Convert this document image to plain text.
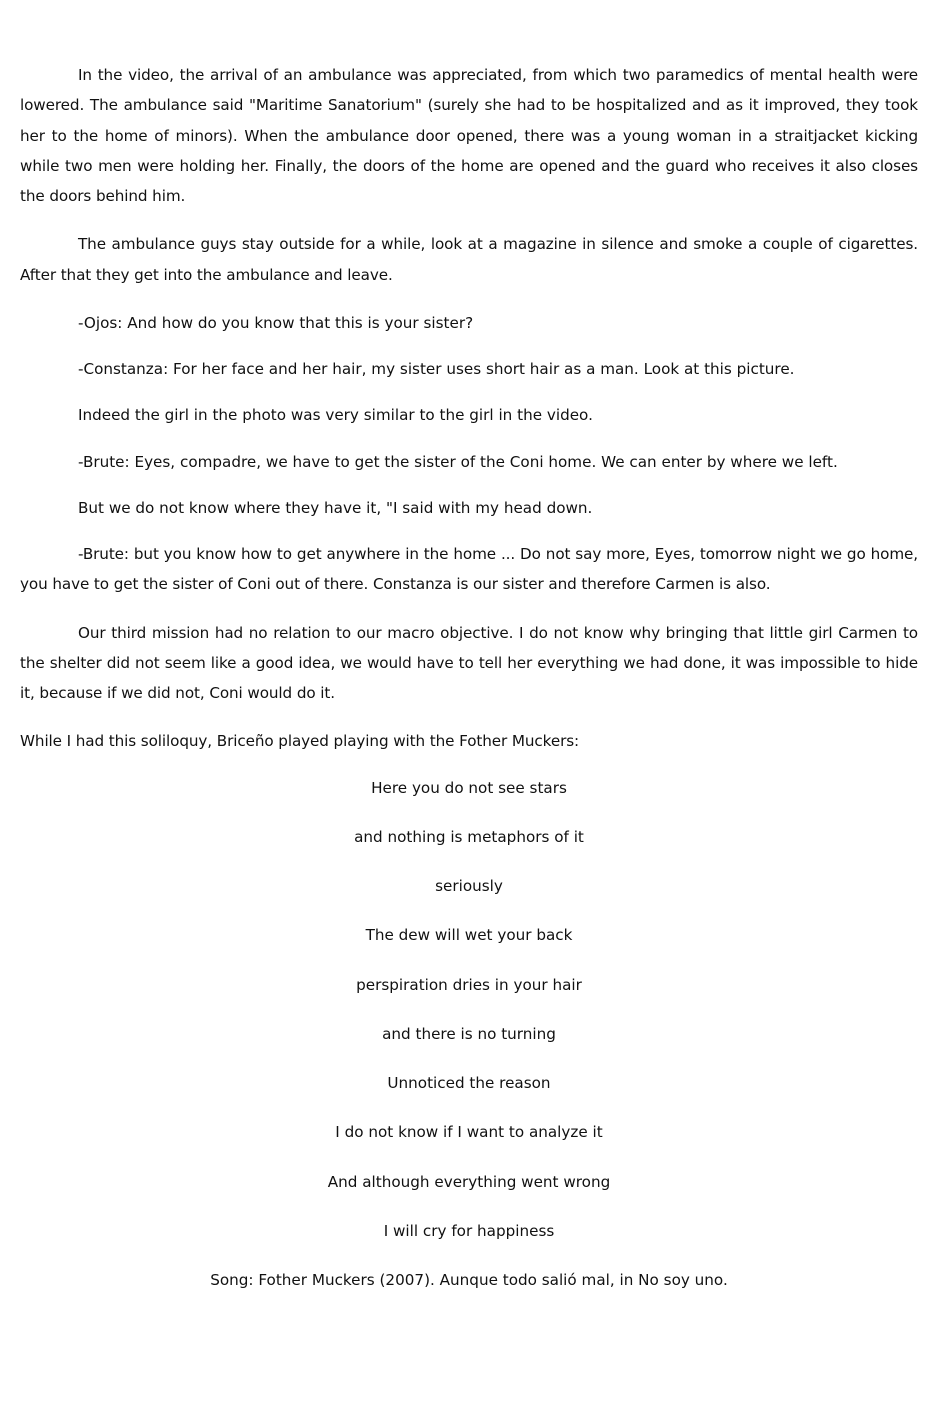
In the video, the arrival of an ambulance was appreciated, from which two paramedics of mental health were lowered. The ambulance said "Maritime Sanatorium" (surely she had to be hospitalized and as it improved, they took her to the home of minors). When the ambulance door opened, there was a young woman in a straitjacket kicking while two men were holding her. Finally, the doors of the home are opened and the guard who receives it also closes the doors behind him.

The ambulance guys stay outside for a while, look at a magazine in silence and smoke a couple of cigarettes. After that they get into the ambulance and leave.

-Ojos: And how do you know that this is your sister?

-Constanza: For her face and her hair, my sister uses short hair as a man. Look at this picture.

Indeed the girl in the photo was very similar to the girl in the video.

-Brute: Eyes, compadre, we have to get the sister of the Coni home. We can enter by where we left.

But we do not know where they have it, "I said with my head down.

-Brute: but you know how to get anywhere in the home ... Do not say more, Eyes, tomorrow night we go home, you have to get the sister of Coni out of there. Constanza is our sister and therefore Carmen is also.

Our third mission had no relation to our macro objective. I do not know why bringing that little girl Carmen to the shelter did not seem like a good idea, we would have to tell her everything we had done, it was impossible to hide it, because if we did not, Coni would do it.

While I had this soliloquy, Briceño played playing with the Fother Muckers:

Here you do not see stars

and nothing is metaphors of it

seriously

The dew will wet your back

perspiration dries in your hair

and there is no turning

Unnoticed the reason

I do not know if I want to analyze it

And although everything went wrong

I will cry for happiness

Song: Fother Muckers (2007). Aunque todo salió mal, in No soy uno.
